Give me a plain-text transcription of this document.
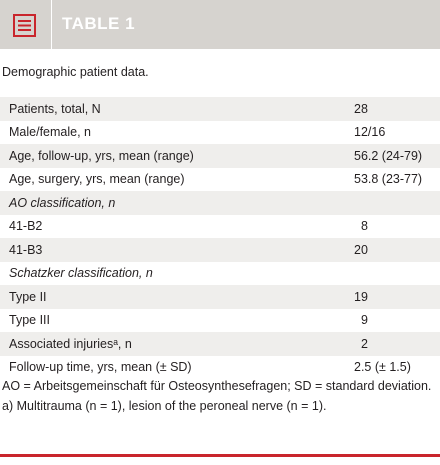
TABLE 1
Demographic patient data.
Patients, total, N	28
Male/female, n	12/16
Age, follow-up, yrs, mean (range)	56.2 (24-79)
Age, surgery, yrs, mean (range)	53.8 (23-77)
AO classification, n
41-B2	8
41-B3	20
Schatzker classification, n
Type II	19
Type III	9
Associated injuriesᵃ, n	2
Follow-up time, yrs, mean (± SD)	2.5 (± 1.5)

AO = Arbeitsgemeinschaft für Osteosynthesefragen; SD = standard deviation.

a) Multitrauma (n = 1), lesion of the peroneal nerve (n = 1).
